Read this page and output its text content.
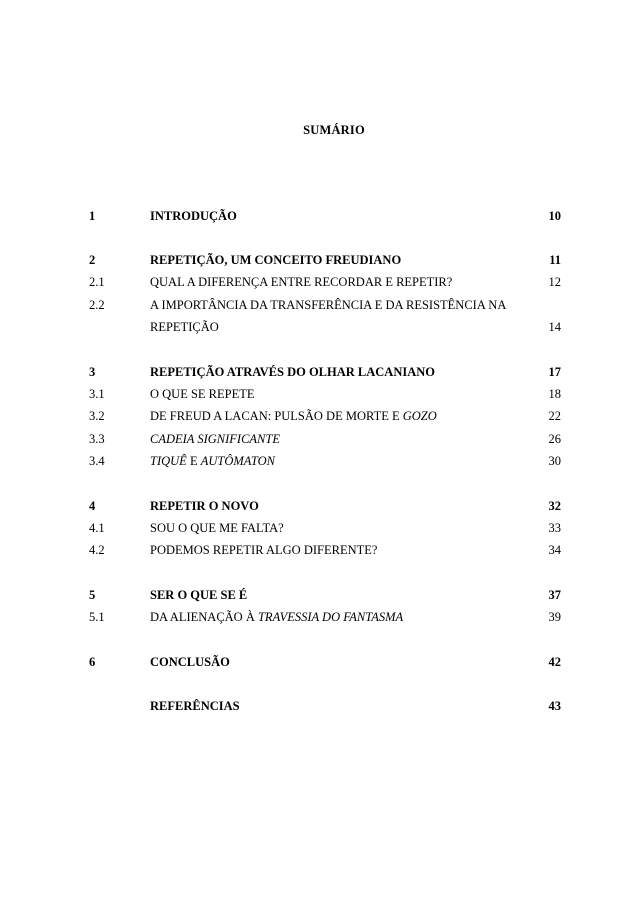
SUMÁRIO
1	INTRODUÇÃO	10
2	REPETIÇÃO, UM CONCEITO FREUDIANO	11
2.1	QUAL A DIFERENÇA ENTRE RECORDAR E REPETIR?	12
2.2	A IMPORTÂNCIA DA TRANSFERÊNCIA E DA RESISTÊNCIA NA
REPETIÇÃO	14
3	REPETIÇÃO ATRAVÉS DO OLHAR LACANIANO	17
3.1	O QUE SE REPETE	18
3.2	DE FREUD A LACAN: PULSÃO DE MORTE E GOZO	22
3.3	CADEIA SIGNIFICANTE	26
3.4	TIQUÊ E AUTÔMATON	30
4	REPETIR O NOVO	32
4.1	SOU O QUE ME FALTA?	33
4.2	PODEMOS REPETIR ALGO DIFERENTE?	34
5	SER O QUE SE É	37
5.1	DA ALIENAÇÃO À TRAVESSIA DO FANTASMA	39
6	CONCLUSÃO	42
REFERÊNCIAS	43
